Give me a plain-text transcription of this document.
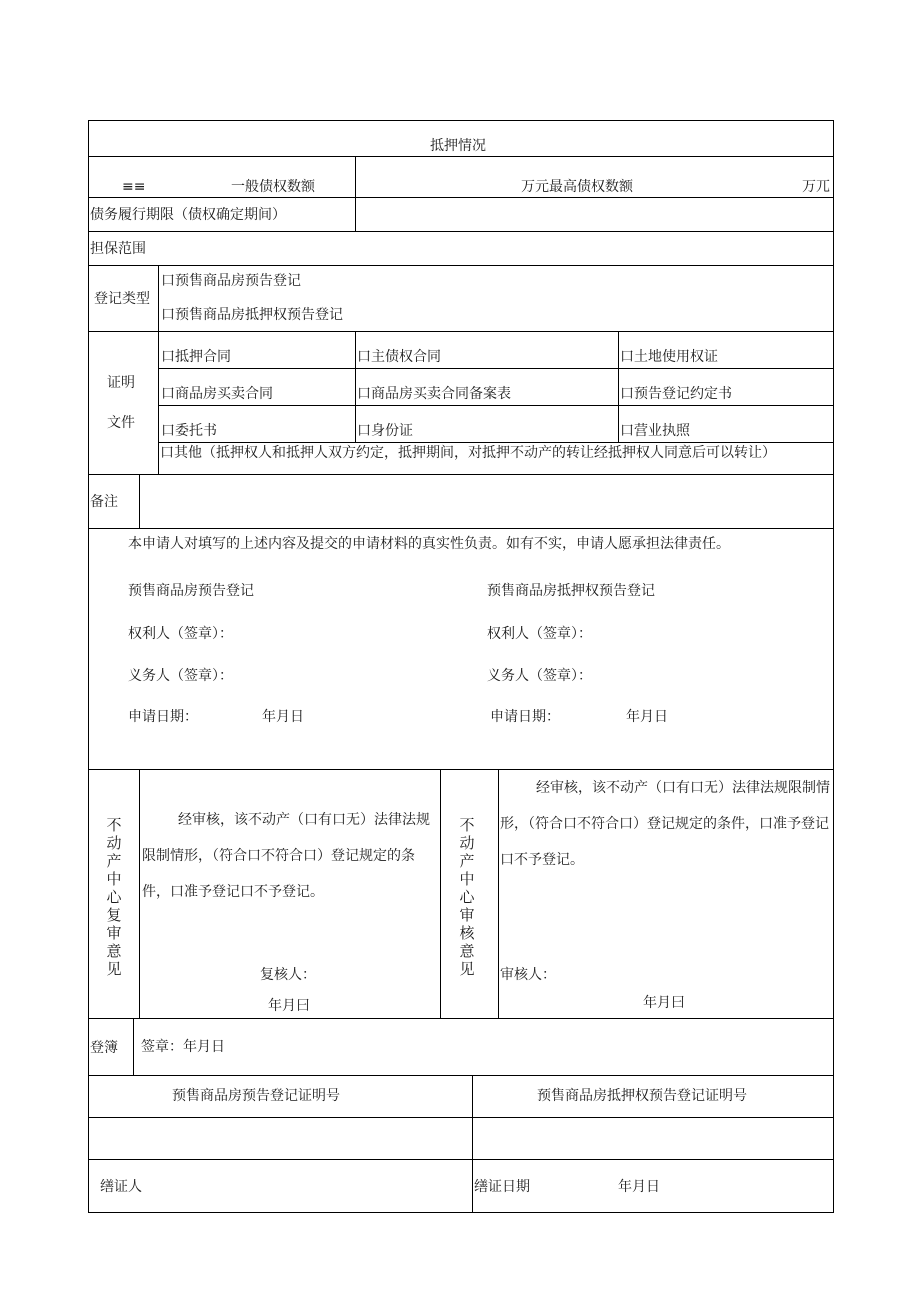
抵押情况
≡≡	一般债权数额	万元最高债权数额	万兀
债务履行期限（债权确定期间）
担保范围
登记类型
口预售商品房预告登记
口预售商品房抵押权预告登记
证明
文件
口抵押合同	口主债权合同	口土地使用权证
口商品房买卖合同	口商品房买卖合同备案表	口预告登记约定书
口委托书	口身份证	口营业执照
口其他（抵押权人和抵押人双方约定，抵押期间，对抵押不动产的转让经抵押权人同意后可以转让）
备注
本申请人对填写的上述内容及提交的申请材料的真实性负责。如有不实，申请人愿承担法律责任。
预售商品房预告登记	预售商品房抵押权预告登记
权利人（签章）：	权利人（签章）：
义务人（签章）：	义务人（签章）：
申请日期：	年月日	申请日期：	年月日
不动产中心复审意见
经审核，该不动产（口有口无）法律法规限制情形，（符合口不符合口）登记规定的条件，口准予登记口不予登记。
复核人：
年月曰
不动产中心审核意见
经审核，该不动产（口有口无）法律法规限制情形，（符合口不符合口）登记规定的条件，口准予登记口不予登记。
审核人：
年月曰
登簿 签章：年月日
预售商品房预告登记证明号	预售商品房抵押权预告登记证明号
缮证人	缮证日期	年月日
